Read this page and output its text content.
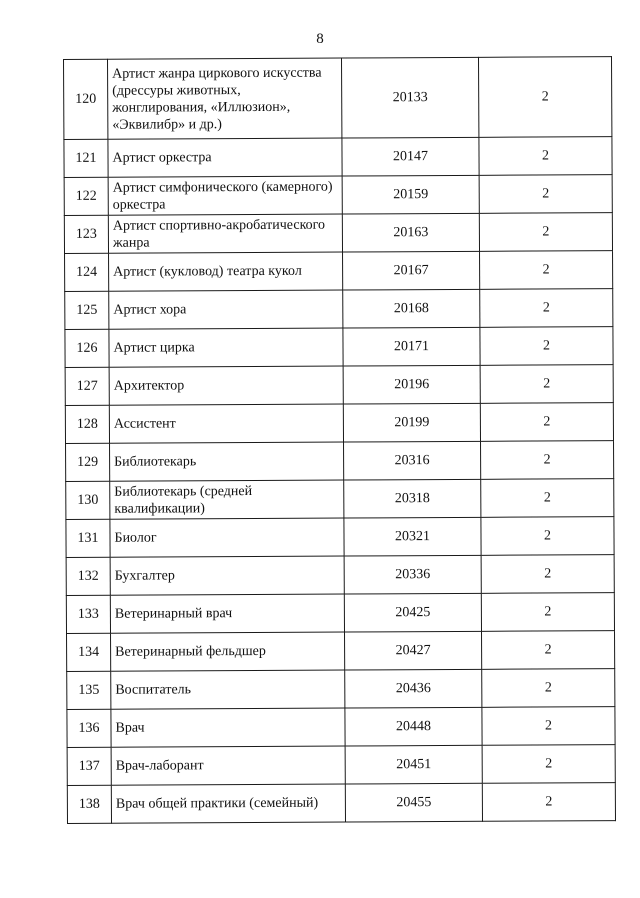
8
120	Артист жанра циркового искусства (дрессуры животных, жонглирования, «Иллюзион», «Эквилибр» и др.)	20133	2
121	Артист оркестра	20147	2
122	Артист симфонического (камерного) оркестра	20159	2
123	Артист спортивно-акробатического жанра	20163	2
124	Артист (кукловод) театра кукол	20167	2
125	Артист хора	20168	2
126	Артист цирка	20171	2
127	Архитектор	20196	2
128	Ассистент	20199	2
129	Библиотекарь	20316	2
130	Библиотекарь (средней квалификации)	20318	2
131	Биолог	20321	2
132	Бухгалтер	20336	2
133	Ветеринарный врач	20425	2
134	Ветеринарный фельдшер	20427	2
135	Воспитатель	20436	2
136	Врач	20448	2
137	Врач-лаборант	20451	2
138	Врач общей практики (семейный)	20455	2
